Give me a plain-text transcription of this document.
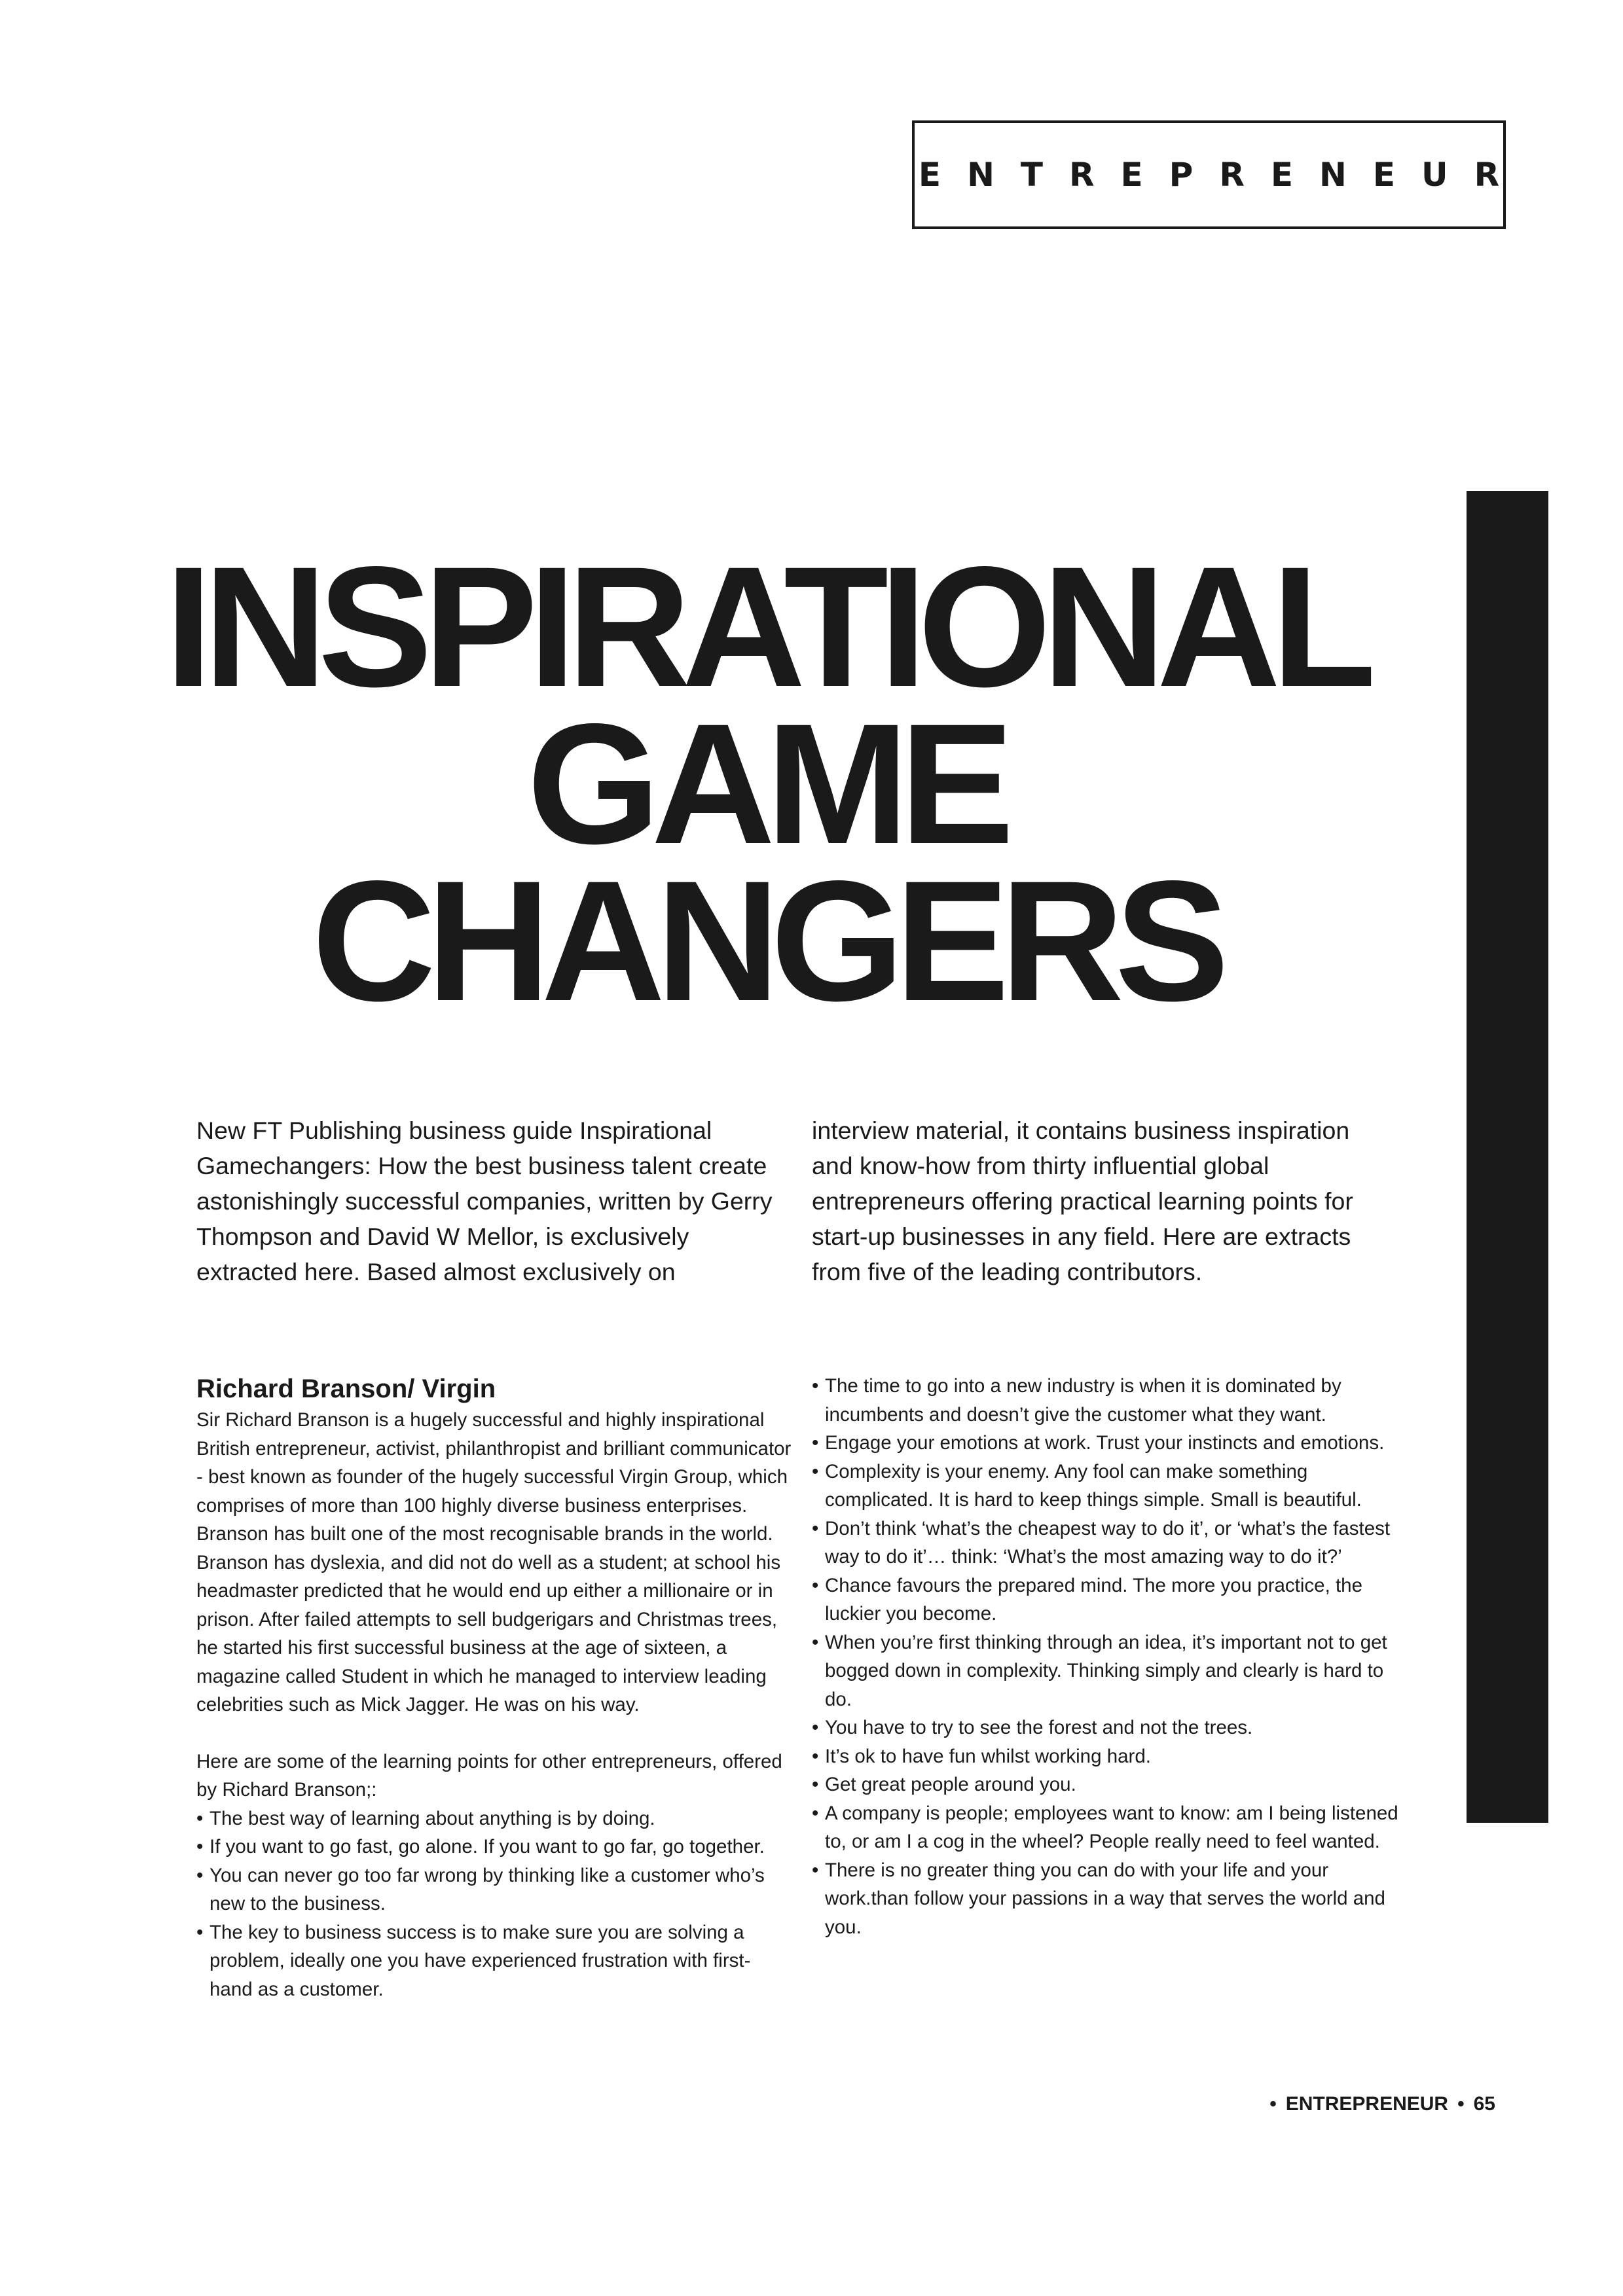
ENTREPRENEUR
INSPIRATIONAL
GAME
CHANGERS

New FT Publishing business guide Inspirational Gamechangers: How the best business talent create astonishingly successful companies, written by Gerry Thompson and David W Mellor, is exclusively extracted here. Based almost exclusively on interview material, it contains business inspiration and know-how from thirty influential global entrepreneurs offering practical learning points for start-up businesses in any field. Here are extracts from five of the leading contributors.

Richard Branson/ Virgin

Sir Richard Branson is a hugely successful and highly inspirational British entrepreneur, activist, philanthropist and brilliant communicator - best known as founder of the hugely successful Virgin Group, which comprises of more than 100 highly diverse business enterprises. Branson has built one of the most recognisable brands in the world. Branson has dyslexia, and did not do well as a student; at school his headmaster predicted that he would end up either a millionaire or in prison. After failed attempts to sell budgerigars and Christmas trees, he started his first successful business at the age of sixteen, a magazine called Student in which he managed to interview leading celebrities such as Mick Jagger. He was on his way.

Here are some of the learning points for other entrepreneurs, offered by Richard Branson;:

• The best way of learning about anything is by doing.
• If you want to go fast, go alone. If you want to go far, go together.
• You can never go too far wrong by thinking like a customer who’s new to the business.
• The key to business success is to make sure you are solving a problem, ideally one you have experienced frustration with first-hand as a customer.
• The time to go into a new industry is when it is dominated by incumbents and doesn’t give the customer what they want.
• Engage your emotions at work. Trust your instincts and emotions.
• Complexity is your enemy. Any fool can make something complicated. It is hard to keep things simple. Small is beautiful.
• Don’t think ‘what’s the cheapest way to do it’, or ‘what’s the fastest way to do it’… think: ‘What’s the most amazing way to do it?’
• Chance favours the prepared mind. The more you practice, the luckier you become.
• When you’re first thinking through an idea, it’s important not to get bogged down in complexity. Thinking simply and clearly is hard to do.
• You have to try to see the forest and not the trees.
• It’s ok to have fun whilst working hard.
• Get great people around you.
• A company is people; employees want to know: am I being listened to, or am I a cog in the wheel? People really need to feel wanted.
• There is no greater thing you can do with your life and your work.than follow your passions in a way that serves the world and you.
• ENTREPRENEUR • 65
